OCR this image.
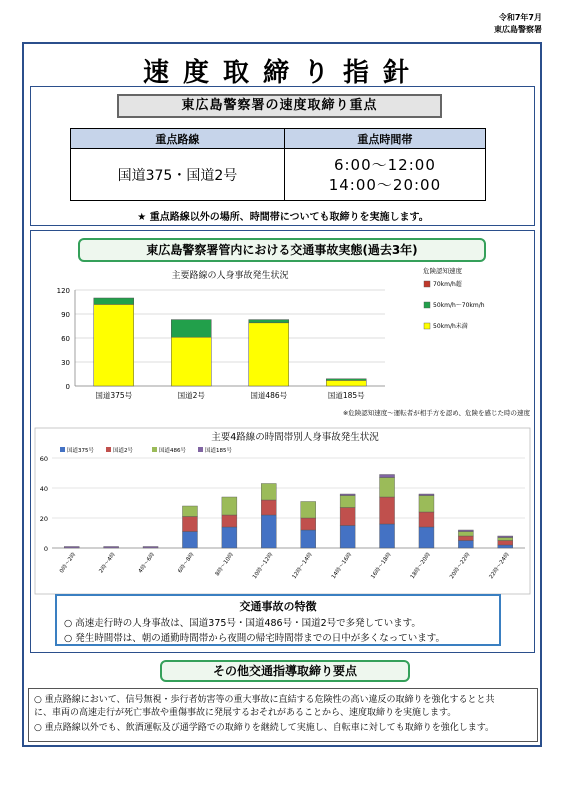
令和7年7月
東広島警察署
速度取締り指針
東広島警察署の速度取締り重点
重点路線	重点時間帯
国道375・国道2号	6:00～12:00
14:00～20:00
★ 重点路線以外の場所、時間帯についても取締りを実施します。
東広島警察署管内における交通事故実態(過去3年)
主要路線の人身事故発生状況
0
30
60
90
120
国道375号	国道2号	国道486号	国道185号
危険認知速度
70km/h超
50km/h～70km/h
50km/h未満
※危険認知速度～運転者が相手方を認め、危険を感じた時の速度
主要4路線の時間帯別人身事故発生状況
国道375号	国道2号	国道486号	国道185号
0
20
40
60
0時～2時	2時～4時	4時～6時	6時～8時	8時～10時	10時～12時	12時～14時	14時～16時	16時～18時	18時～20時	20時～22時	22時～24時
交通事故の特徴
○ 高速走行時の人身事故は、国道375号・国道486号・国道2号で多発しています。
○ 発生時間帯は、朝の通勤時間帯から夜間の帰宅時間帯までの日中が多くなっています。
その他交通指導取締り要点
○ 重点路線において、信号無視・歩行者妨害等の重大事故に直結する危険性の高い違反の取締りを強化するとと共
に、車両の高速走行が死亡事故や重傷事故に発展するおそれがあることから、速度取締りを実施します。
○ 重点路線以外でも、飲酒運転及び通学路での取締りを継続して実施し、自転車に対しても取締りを強化します。
